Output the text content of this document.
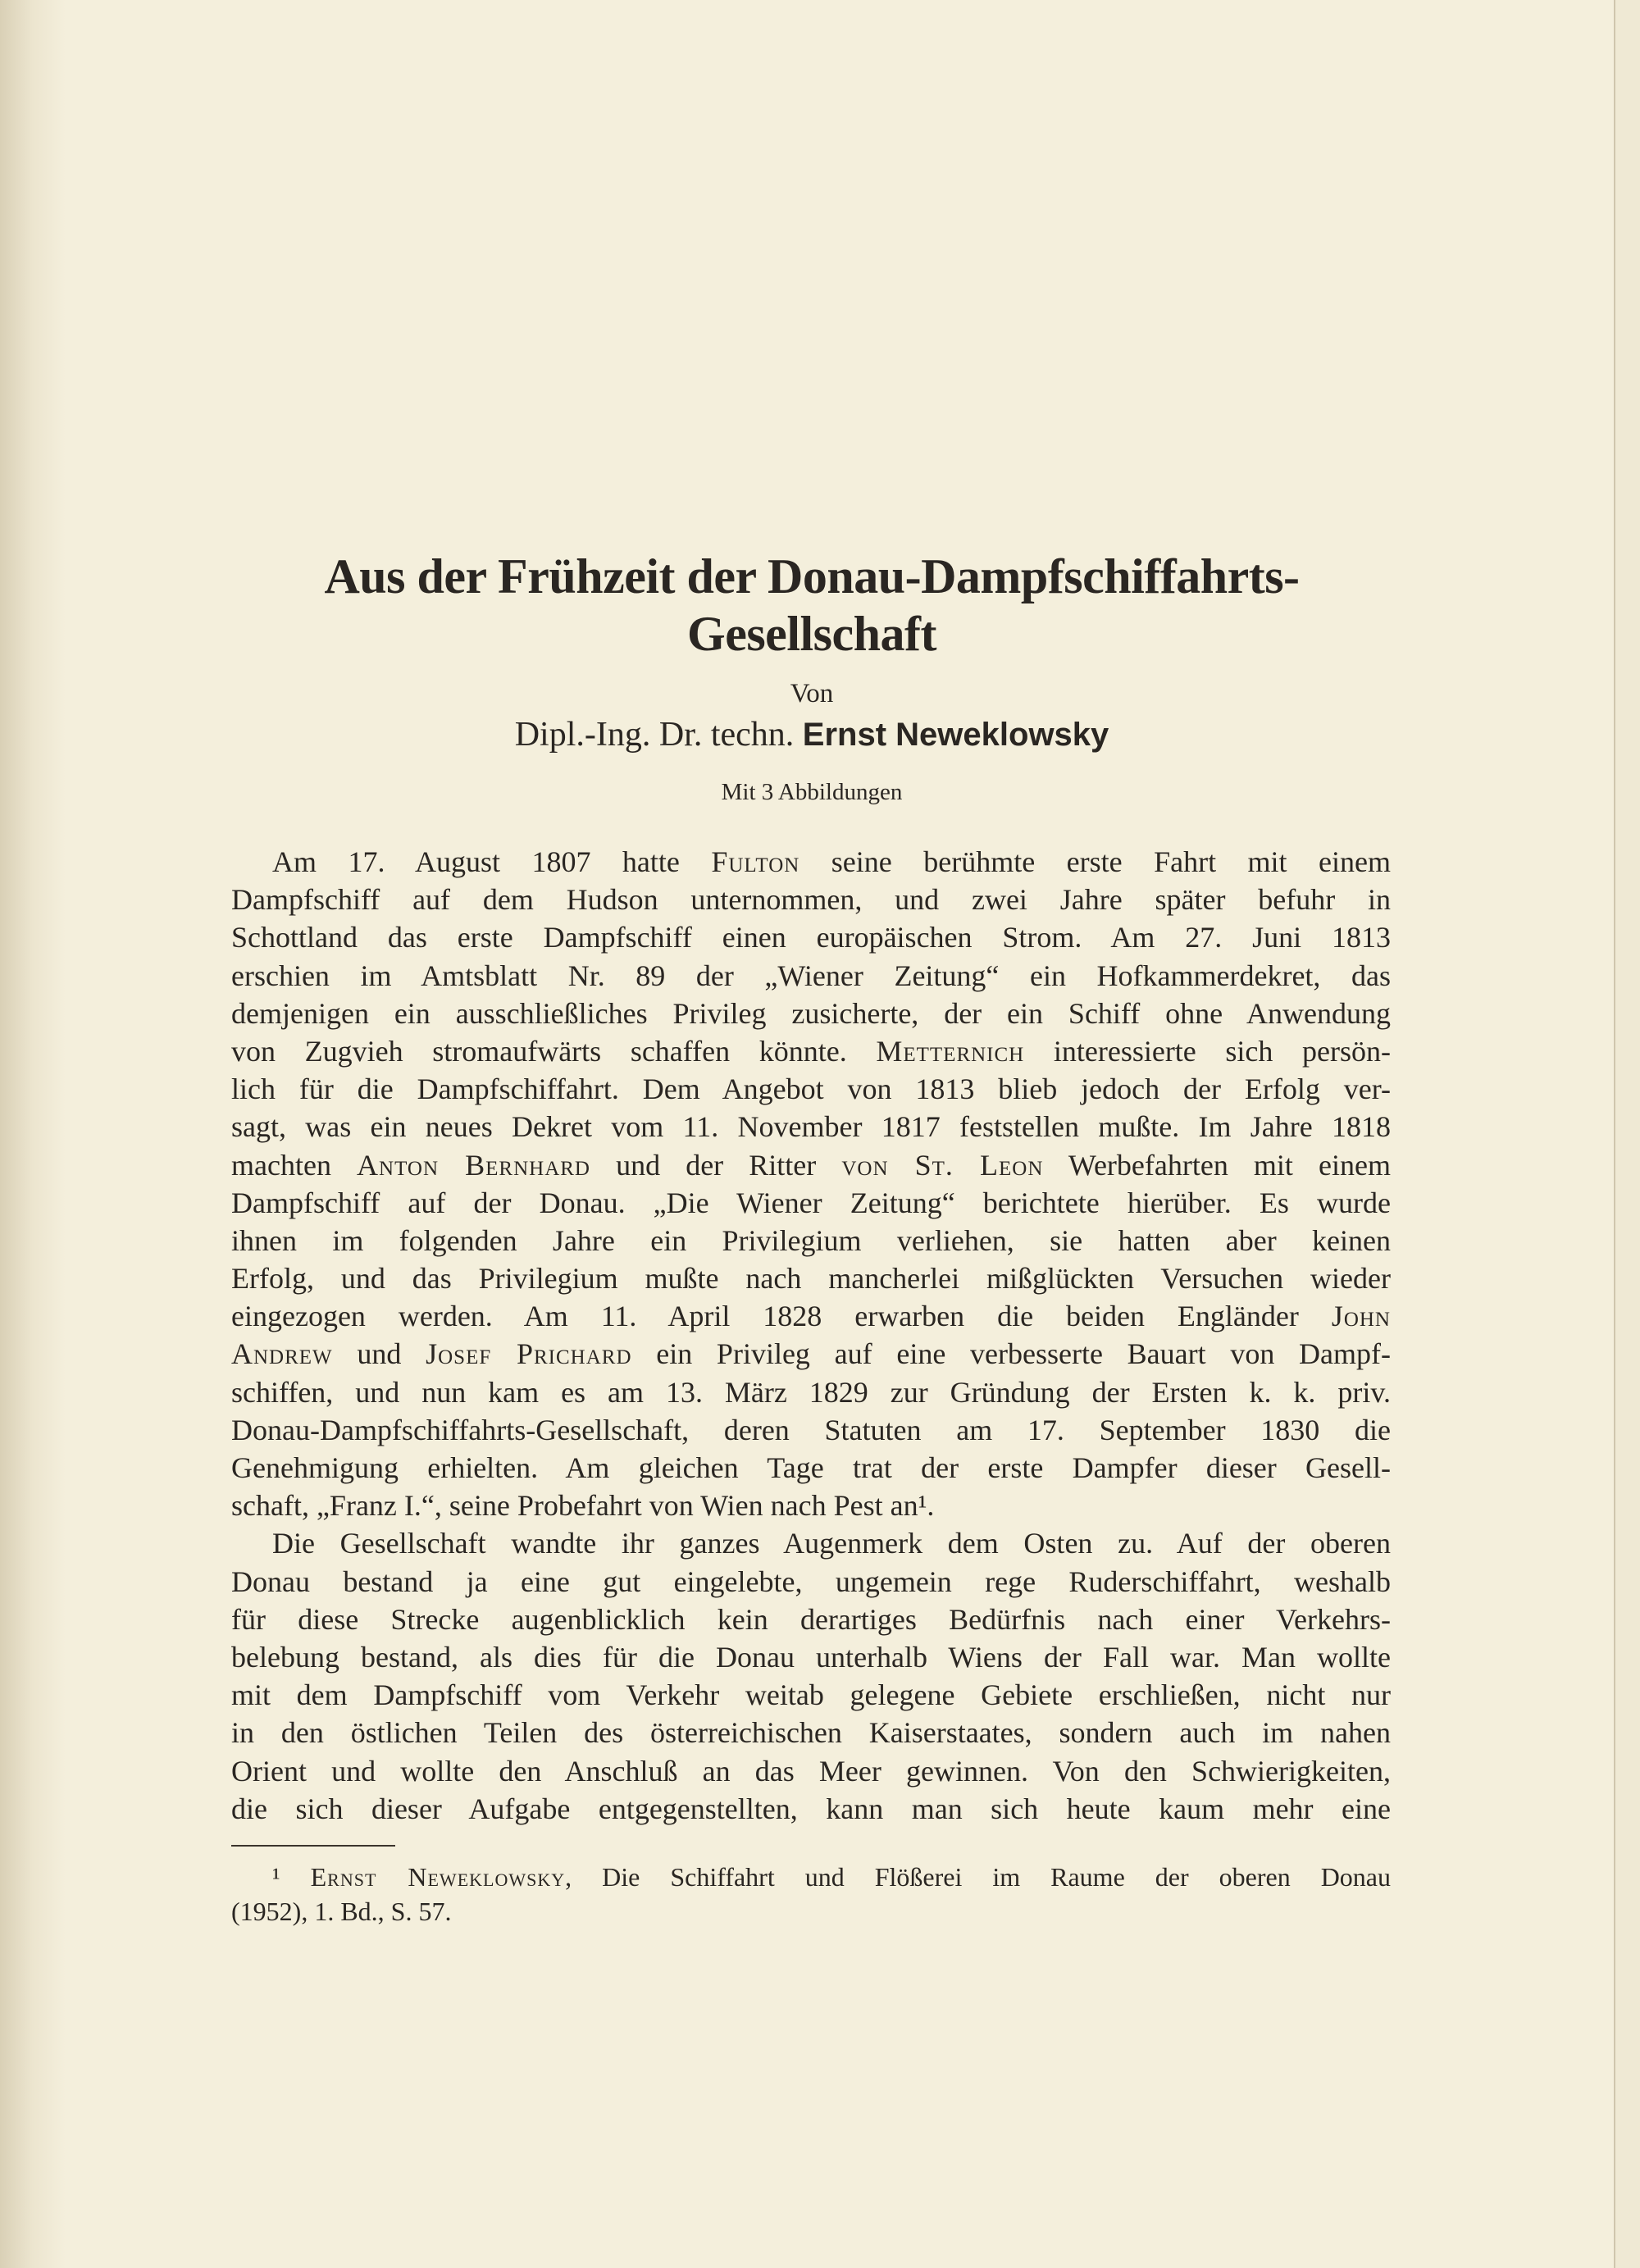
Aus der Frühzeit der Donau-Dampfschiffahrts-
Gesellschaft
Von
Dipl.-Ing. Dr. techn. Ernst Neweklowsky
Mit 3 Abbildungen
Am 17. August 1807 hatte Fulton seine berühmte erste Fahrt mit einem
Dampfschiff auf dem Hudson unternommen, und zwei Jahre später befuhr in
Schottland das erste Dampfschiff einen europäischen Strom. Am 27. Juni 1813
erschien im Amtsblatt Nr. 89 der „Wiener Zeitung“ ein Hofkammerdekret, das
demjenigen ein ausschließliches Privileg zusicherte, der ein Schiff ohne Anwendung
von Zugvieh stromaufwärts schaffen könnte. Metternich interessierte sich persön-
lich für die Dampfschiffahrt. Dem Angebot von 1813 blieb jedoch der Erfolg ver-
sagt, was ein neues Dekret vom 11. November 1817 feststellen mußte. Im Jahre 1818
machten Anton Bernhard und der Ritter von St. Leon Werbefahrten mit einem
Dampfschiff auf der Donau. „Die Wiener Zeitung“ berichtete hierüber. Es wurde
ihnen im folgenden Jahre ein Privilegium verliehen, sie hatten aber keinen
Erfolg, und das Privilegium mußte nach mancherlei mißglückten Versuchen wieder
eingezogen werden. Am 11. April 1828 erwarben die beiden Engländer John
Andrew und Josef Prichard ein Privileg auf eine verbesserte Bauart von Dampf-
schiffen, und nun kam es am 13. März 1829 zur Gründung der Ersten k. k. priv.
Donau-Dampfschiffahrts-Gesellschaft, deren Statuten am 17. September 1830 die
Genehmigung erhielten. Am gleichen Tage trat der erste Dampfer dieser Gesell-
schaft, „Franz I.“, seine Probefahrt von Wien nach Pest an¹.
Die Gesellschaft wandte ihr ganzes Augenmerk dem Osten zu. Auf der oberen
Donau bestand ja eine gut eingelebte, ungemein rege Ruderschiffahrt, weshalb
für diese Strecke augenblicklich kein derartiges Bedürfnis nach einer Verkehrs-
belebung bestand, als dies für die Donau unterhalb Wiens der Fall war. Man wollte
mit dem Dampfschiff vom Verkehr weitab gelegene Gebiete erschließen, nicht nur
in den östlichen Teilen des österreichischen Kaiserstaates, sondern auch im nahen
Orient und wollte den Anschluß an das Meer gewinnen. Von den Schwierigkeiten,
die sich dieser Aufgabe entgegenstellten, kann man sich heute kaum mehr eine
¹ Ernst Neweklowsky, Die Schiffahrt und Flößerei im Raume der oberen Donau
(1952), 1. Bd., S. 57.
